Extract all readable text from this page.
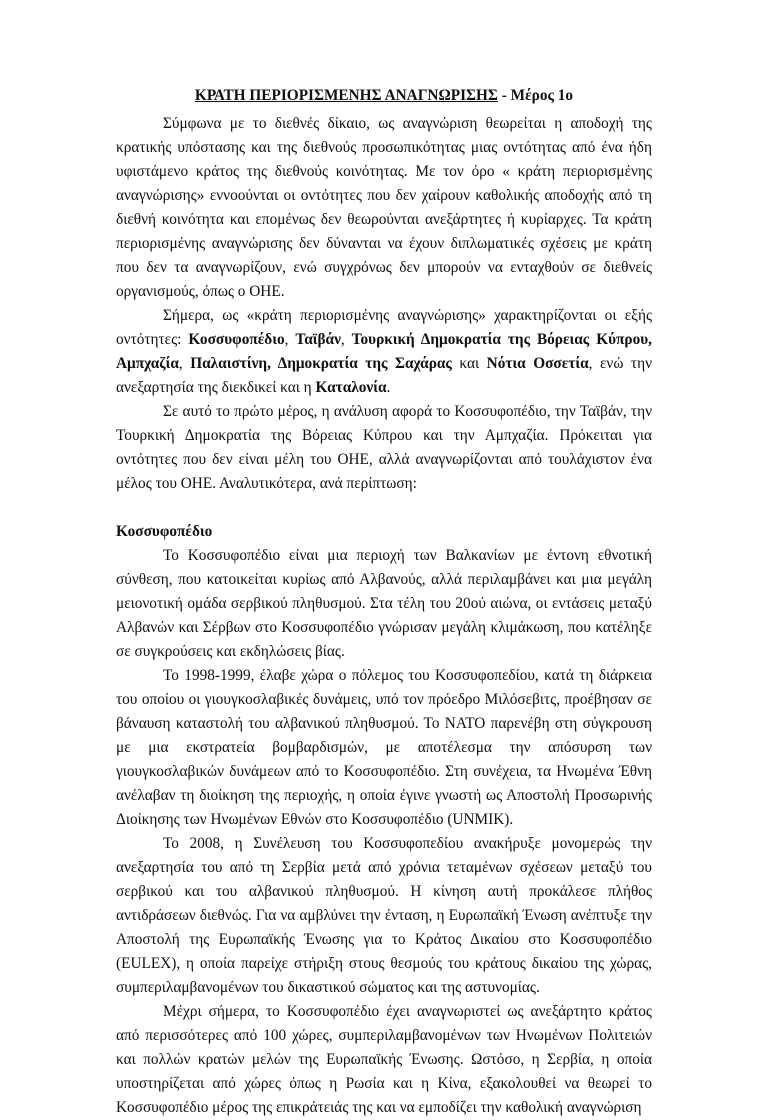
ΚΡΑΤΗ ΠΕΡΙΟΡΙΣΜΕΝΗΣ ΑΝΑΓΝΩΡΙΣΗΣ - Μέρος 1ο

Σύμφωνα με το διεθνές δίκαιο, ως αναγνώριση θεωρείται η αποδοχή της κρατικής υπόστασης και της διεθνούς προσωπικότητας μιας οντότητας από ένα ήδη υφιστάμενο κράτος της διεθνούς κοινότητας. Με τον όρο « κράτη περιορισμένης αναγνώρισης» εννοούνται οι οντότητες που δεν χαίρουν καθολικής αποδοχής από τη διεθνή κοινότητα και επομένως δεν θεωρούνται ανεξάρτητες ή κυρίαρχες. Τα κράτη περιορισμένης αναγνώρισης δεν δύνανται να έχουν διπλωματικές σχέσεις με κράτη που δεν τα αναγνωρίζουν, ενώ συγχρόνως δεν μπορούν να ενταχθούν σε διεθνείς οργανισμούς, όπως ο ΟΗΕ.

Σήμερα, ως «κράτη περιορισμένης αναγνώρισης» χαρακτηρίζονται οι εξής οντότητες: Κοσσυφοπέδιο, Ταϊβάν, Τουρκική Δημοκρατία της Βόρειας Κύπρου, Αμπχαζία, Παλαιστίνη, Δημοκρατία της Σαχάρας και Νότια Οσσετία, ενώ την ανεξαρτησία της διεκδικεί και η Καταλονία.

Σε αυτό το πρώτο μέρος, η ανάλυση αφορά το Κοσσυφοπέδιο, την Ταϊβάν, την Τουρκική Δημοκρατία της Βόρειας Κύπρου και την Αμπχαζία. Πρόκειται για οντότητες που δεν είναι μέλη του ΟΗΕ, αλλά αναγνωρίζονται από τουλάχιστον ένα μέλος του ΟΗΕ. Αναλυτικότερα, ανά περίπτωση:

Κοσσυφοπέδιο

Το Κοσσυφοπέδιο είναι μια περιοχή των Βαλκανίων με έντονη εθνοτική σύνθεση, που κατοικείται κυρίως από Αλβανούς, αλλά περιλαμβάνει και μια μεγάλη μειονοτική ομάδα σερβικού πληθυσμού. Στα τέλη του 20ού αιώνα, οι εντάσεις μεταξύ Αλβανών και Σέρβων στο Κοσσυφοπέδιο γνώρισαν μεγάλη κλιμάκωση, που κατέληξε σε συγκρούσεις και εκδηλώσεις βίας.

Το 1998-1999, έλαβε χώρα ο πόλεμος του Κοσσυφοπεδίου, κατά τη διάρκεια του οποίου οι γιουγκοσλαβικές δυνάμεις, υπό τον πρόεδρο Μιλόσεβιτς, προέβησαν σε βάναυση καταστολή του αλβανικού πληθυσμού. Το ΝΑΤΟ παρενέβη στη σύγκρουση με μια εκστρατεία βομβαρδισμών, με αποτέλεσμα την απόσυρση των γιουγκοσλαβικών δυνάμεων από το Κοσσυφοπέδιο. Στη συνέχεια, τα Ηνωμένα Έθνη ανέλαβαν τη διοίκηση της περιοχής, η οποία έγινε γνωστή ως Αποστολή Προσωρινής Διοίκησης των Ηνωμένων Εθνών στο Κοσσυφοπέδιο (UNMIK).

Το 2008, η Συνέλευση του Κοσσυφοπεδίου ανακήρυξε μονομερώς την ανεξαρτησία του από τη Σερβία μετά από χρόνια τεταμένων σχέσεων μεταξύ του σερβικού και του αλβανικού πληθυσμού. Η κίνηση αυτή προκάλεσε πλήθος αντιδράσεων διεθνώς. Για να αμβλύνει την ένταση, η Ευρωπαϊκή Ένωση ανέπτυξε την Αποστολή της Ευρωπαϊκής Ένωσης για το Κράτος Δικαίου στο Κοσσυφοπέδιο (EULEX), η οποία παρείχε στήριξη στους θεσμούς του κράτους δικαίου της χώρας, συμπεριλαμβανομένων του δικαστικού σώματος και της αστυνομίας.

Μέχρι σήμερα, το Κοσσυφοπέδιο έχει αναγνωριστεί ως ανεξάρτητο κράτος από περισσότερες από 100 χώρες, συμπεριλαμβανομένων των Ηνωμένων Πολιτειών και πολλών κρατών μελών της Ευρωπαϊκής Ένωσης. Ωστόσο, η Σερβία, η οποία υποστηρίζεται από χώρες όπως η Ρωσία και η Κίνα, εξακολουθεί να θεωρεί το Κοσσυφοπέδιο μέρος της επικράτειάς της και να εμποδίζει την καθολική αναγνώριση
